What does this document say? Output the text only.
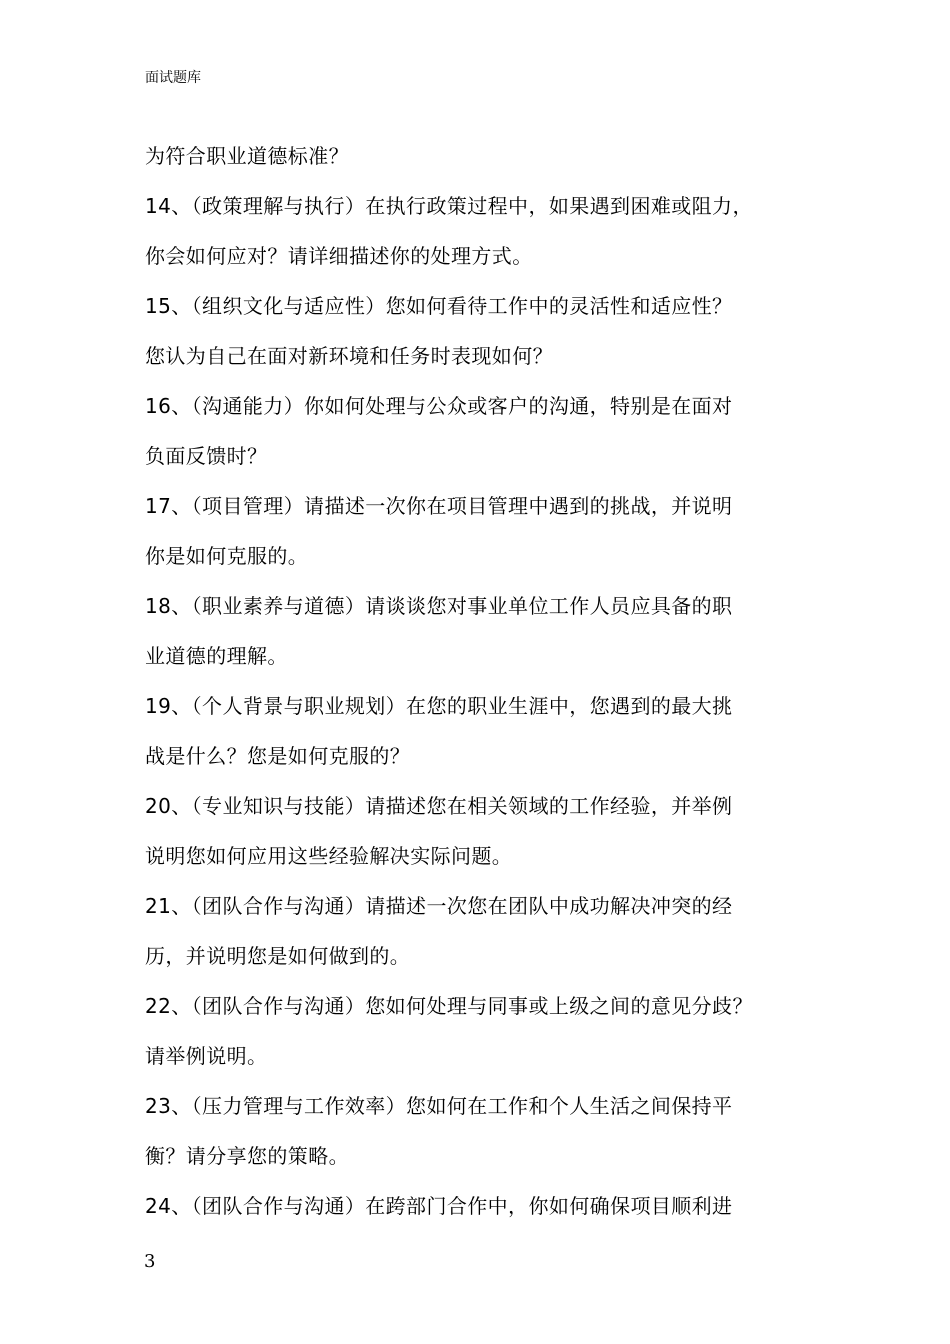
面试题库
为符合职业道德标准？
14、（政策理解与执行）在执行政策过程中，如果遇到困难或阻力，
你会如何应对？请详细描述你的处理方式。
15、（组织文化与适应性）您如何看待工作中的灵活性和适应性？
您认为自己在面对新环境和任务时表现如何？
16、（沟通能力）你如何处理与公众或客户的沟通，特别是在面对
负面反馈时？
17、（项目管理）请描述一次你在项目管理中遇到的挑战，并说明
你是如何克服的。
18、（职业素养与道德）请谈谈您对事业单位工作人员应具备的职
业道德的理解。
19、（个人背景与职业规划）在您的职业生涯中，您遇到的最大挑
战是什么？您是如何克服的？
20、（专业知识与技能）请描述您在相关领域的工作经验，并举例
说明您如何应用这些经验解决实际问题。
21、（团队合作与沟通）请描述一次您在团队中成功解决冲突的经
历，并说明您是如何做到的。
22、（团队合作与沟通）您如何处理与同事或上级之间的意见分歧？
请举例说明。
23、（压力管理与工作效率）您如何在工作和个人生活之间保持平
衡？请分享您的策略。
24、（团队合作与沟通）在跨部门合作中，你如何确保项目顺利进
3
